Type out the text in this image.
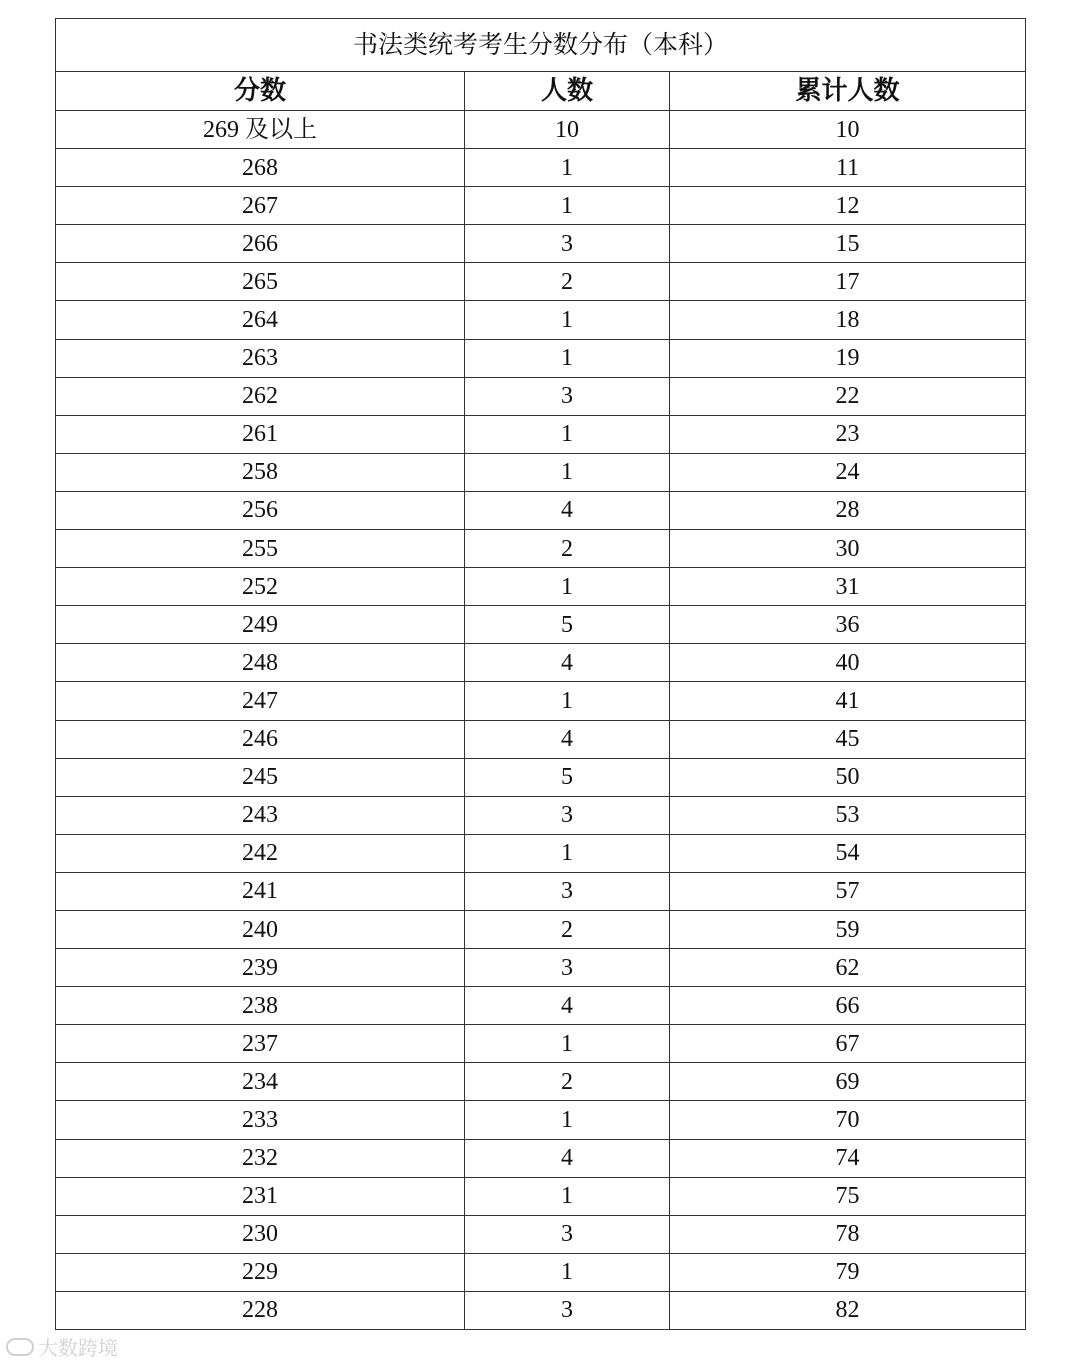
书法类统考考生分数分布（本科）		
分数	人数	累计人数
269 及以上	10	10
268	1	11
267	1	12
266	3	15
265	2	17
264	1	18
263	1	19
262	3	22
261	1	23
258	1	24
256	4	28
255	2	30
252	1	31
249	5	36
248	4	40
247	1	41
246	4	45
245	5	50
243	3	53
242	1	54
241	3	57
240	2	59
239	3	62
238	4	66
237	1	67
234	2	69
233	1	70
232	4	74
231	1	75
230	3	78
229	1	79
228	3	82
大数跨境
